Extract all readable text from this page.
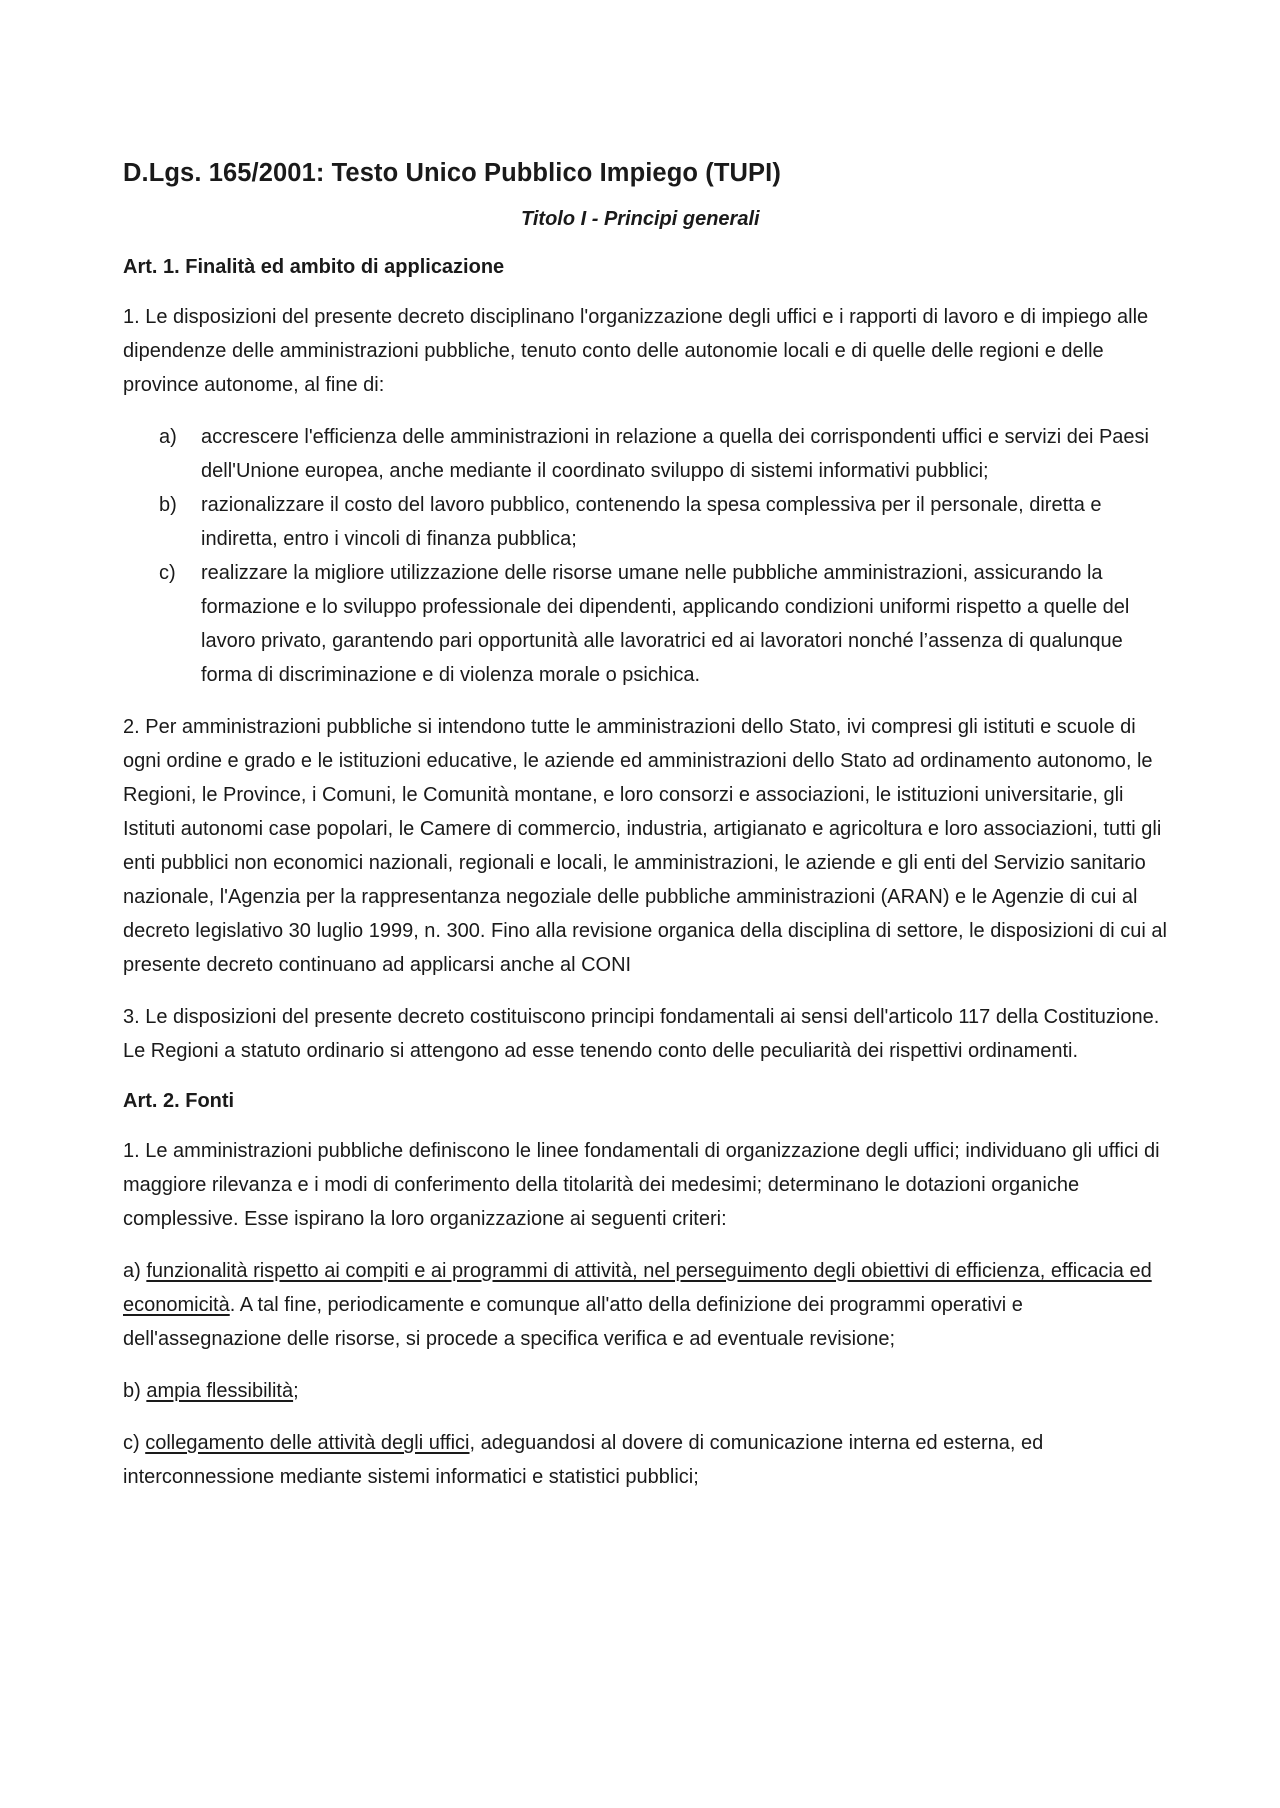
D.Lgs. 165/2001: Testo Unico Pubblico Impiego (TUPI)
Titolo I - Principi generali
Art. 1. Finalità ed ambito di applicazione
1. Le disposizioni del presente decreto disciplinano l'organizzazione degli uffici e i rapporti di lavoro e di impiego alle dipendenze delle amministrazioni pubbliche, tenuto conto delle autonomie locali e di quelle delle regioni e delle province autonome, al fine di:
a)	accrescere l'efficienza delle amministrazioni in relazione a quella dei corrispondenti uffici e servizi dei Paesi dell'Unione europea, anche mediante il coordinato sviluppo di sistemi informativi pubblici;
b)	razionalizzare il costo del lavoro pubblico, contenendo la spesa complessiva per il personale, diretta e indiretta, entro i vincoli di finanza pubblica;
c)	realizzare la migliore utilizzazione delle risorse umane nelle pubbliche amministrazioni, assicurando la formazione e lo sviluppo professionale dei dipendenti, applicando condizioni uniformi rispetto a quelle del lavoro privato, garantendo pari opportunità alle lavoratrici ed ai lavoratori nonché l’assenza di qualunque forma di discriminazione e di violenza morale o psichica.
2. Per amministrazioni pubbliche si intendono tutte le amministrazioni dello Stato, ivi compresi gli istituti e scuole di ogni ordine e grado e le istituzioni educative, le aziende ed amministrazioni dello Stato ad ordinamento autonomo, le Regioni, le Province, i Comuni, le Comunità montane, e loro consorzi e associazioni, le istituzioni universitarie, gli Istituti autonomi case popolari, le Camere di commercio, industria, artigianato e agricoltura e loro associazioni, tutti gli enti pubblici non economici nazionali, regionali e locali, le amministrazioni, le aziende e gli enti del Servizio sanitario nazionale, l'Agenzia per la rappresentanza negoziale delle pubbliche amministrazioni (ARAN) e le Agenzie di cui al decreto legislativo 30 luglio 1999, n. 300. Fino alla revisione organica della disciplina di settore, le disposizioni di cui al presente decreto continuano ad applicarsi anche al CONI
3. Le disposizioni del presente decreto costituiscono principi fondamentali ai sensi dell'articolo 117 della Costituzione. Le Regioni a statuto ordinario si attengono ad esse tenendo conto delle peculiarità dei rispettivi ordinamenti.
Art. 2. Fonti
1. Le amministrazioni pubbliche definiscono le linee fondamentali di organizzazione degli uffici; individuano gli uffici di maggiore rilevanza e i modi di conferimento della titolarità dei medesimi; determinano le dotazioni organiche complessive. Esse ispirano la loro organizzazione ai seguenti criteri:
a) funzionalità rispetto ai compiti e ai programmi di attività, nel perseguimento degli obiettivi di efficienza, efficacia ed economicità. A tal fine, periodicamente e comunque all'atto della definizione dei programmi operativi e dell'assegnazione delle risorse, si procede a specifica verifica e ad eventuale revisione;
b) ampia flessibilità;
c) collegamento delle attività degli uffici, adeguandosi al dovere di comunicazione interna ed esterna, ed interconnessione mediante sistemi informatici e statistici pubblici;
